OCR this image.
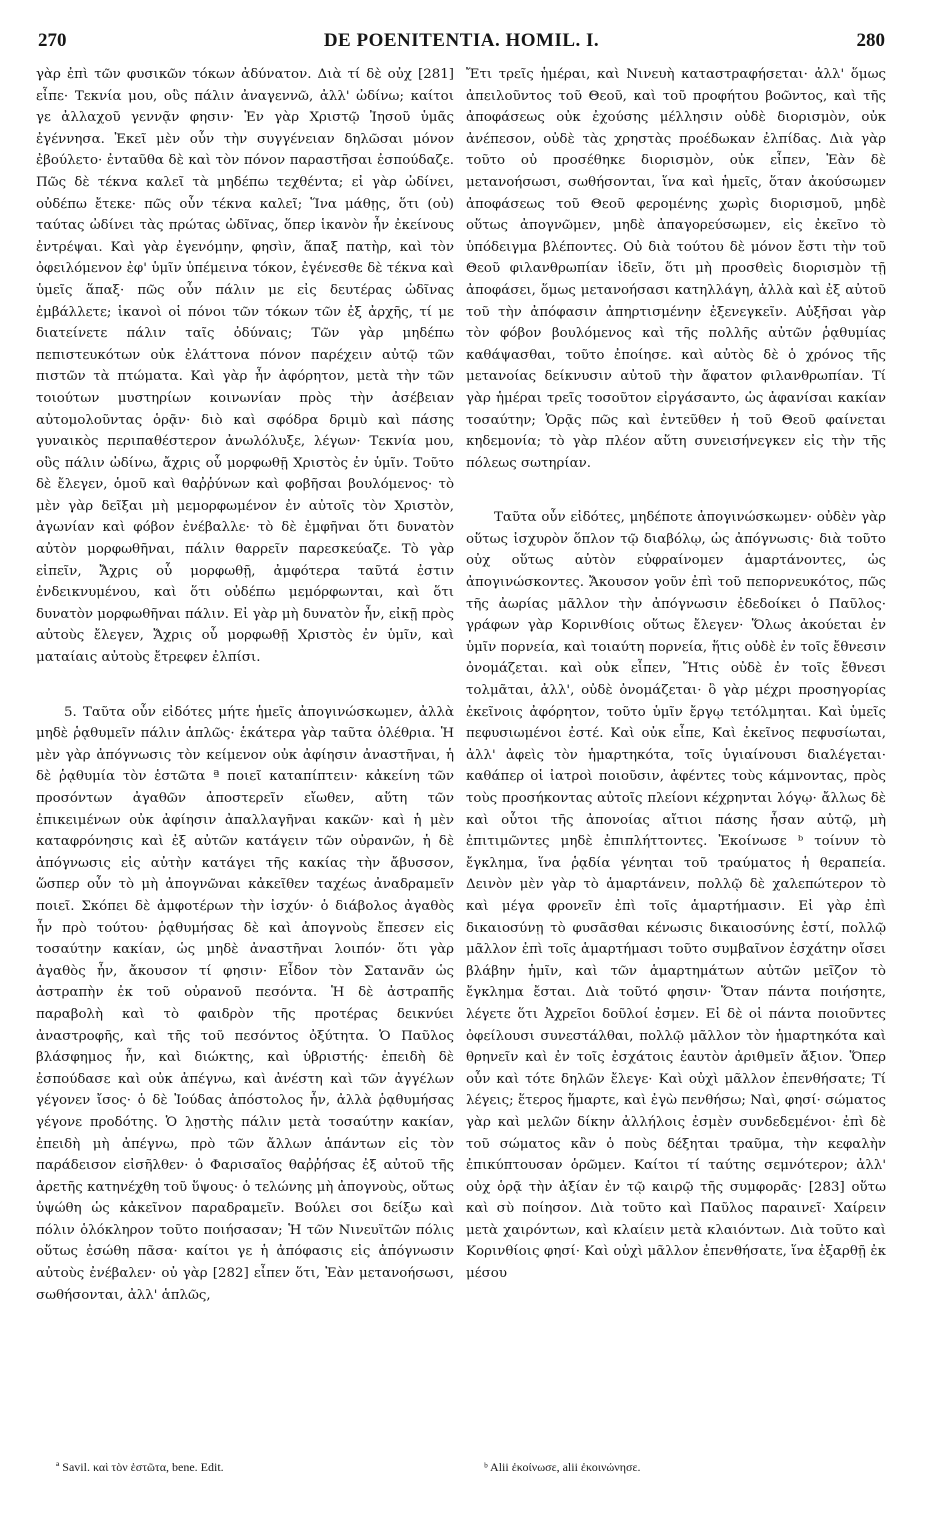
270	DE POENITENTIA. HOMIL. I.	280

γὰρ ἐπὶ τῶν φυσικῶν τόκων ἀδύνατον. Διὰ τί δὲ οὐχ [281] εἶπε· Τεκνία μου, οὓς πάλιν ἀναγεννῶ, ἀλλ' ὠδίνω; καίτοι γε ἀλλαχοῦ γεννᾷν φησιν· Ἐν γὰρ Χριστῷ Ἰησοῦ ὑμᾶς ἐγέννησα. Ἐκεῖ μὲν οὖν τὴν συγγένειαν δηλῶσαι μόνον ἐβούλετο· ἐνταῦθα δὲ καὶ τὸν πόνον παραστῆσαι ἐσπούδαζε. Πῶς δὲ τέκνα καλεῖ τὰ μηδέπω τεχθέντα; εἰ γὰρ ὠδίνει, οὐδέπω ἔτεκε· πῶς οὖν τέκνα καλεῖ; Ἵνα μάθῃς, ὅτι (οὐ) ταύτας ὠδίνει τὰς πρώτας ὠδῖνας, ὅπερ ἱκανὸν ἦν ἐκείνους ἐντρέψαι. Καὶ γὰρ ἐγενόμην, φησὶν, ἅπαξ πατὴρ, καὶ τὸν ὀφειλόμενον ἐφ' ὑμῖν ὑπέμεινα τόκον, ἐγένεσθε δὲ τέκνα καὶ ὑμεῖς ἅπαξ· πῶς οὖν πάλιν με εἰς δευτέρας ὠδῖνας ἐμβάλλετε; ἱκανοὶ οἱ πόνοι τῶν τόκων τῶν ἐξ ἀρχῆς, τί με διατείνετε πάλιν ταῖς ὀδύναις; Τῶν γὰρ μηδέπω πεπιστευκότων οὐκ ἐλάττονα πόνον παρέχειν αὐτῷ τῶν πιστῶν τὰ πτώματα. Καὶ γὰρ ἦν ἀφόρητον, μετὰ τὴν τῶν τοιούτων μυστηρίων κοινωνίαν πρὸς τὴν ἀσέβειαν αὐτομολοῦντας ὁρᾷν· διὸ καὶ σφόδρα δριμὺ καὶ πάσης γυναικὸς περιπαθέστερον ἀνωλόλυξε, λέγων· Τεκνία μου, οὓς πάλιν ὠδίνω, ἄχρις οὗ μορφωθῇ Χριστὸς ἐν ὑμῖν. Τοῦτο δὲ ἔλεγεν, ὁμοῦ καὶ θαῤῥύνων καὶ φοβῆσαι βουλόμενος· τὸ μὲν γὰρ δεῖξαι μὴ μεμορφωμένον ἐν αὐτοῖς τὸν Χριστὸν, ἀγωνίαν καὶ φόβον ἐνέβαλλε· τὸ δὲ ἐμφῆναι ὅτι δυνατὸν αὐτὸν μορφωθῆναι, πάλιν θαρρεῖν παρεσκεύαζε. Τὸ γὰρ εἰπεῖν, Ἄχρις οὗ μορφωθῇ, ἀμφότερα ταῦτά ἐστιν ἐνδεικνυμένου, καὶ ὅτι οὐδέπω μεμόρφωνται, καὶ ὅτι δυνατὸν μορφωθῆναι πάλιν. Εἰ γὰρ μὴ δυνατὸν ἦν, εἰκῇ πρὸς αὐτοὺς ἔλεγεν, Ἄχρις οὗ μορφωθῇ Χριστὸς ἐν ὑμῖν, καὶ ματαίαις αὐτοὺς ἔτρεφεν ἐλπίσι.

5. Ταῦτα οὖν εἰδότες μήτε ἡμεῖς ἀπογινώσκωμεν, ἀλλὰ μηδὲ ῥᾳθυμεῖν πάλιν ἁπλῶς· ἑκάτερα γὰρ ταῦτα ὀλέθρια. Ἡ μὲν γὰρ ἀπόγνωσις τὸν κείμενον οὐκ ἀφίησιν ἀναστῆναι, ἡ δὲ ῥᾳθυμία τὸν ἑστῶτα ª ποιεῖ καταπίπτειν· κἀκείνη τῶν προσόντων ἀγαθῶν ἀποστερεῖν εἴωθεν, αὕτη τῶν ἐπικειμένων οὐκ ἀφίησιν ἀπαλλαγῆναι κακῶν· καὶ ἡ μὲν καταφρόνησις καὶ ἐξ αὐτῶν κατάγειν τῶν οὐρανῶν, ἡ δὲ ἀπόγνωσις εἰς αὐτὴν κατάγει τῆς κακίας τὴν ἄβυσσον, ὥσπερ οὖν τὸ μὴ ἀπογνῶναι κἀκεῖθεν ταχέως ἀναδραμεῖν ποιεῖ. Σκόπει δὲ ἀμφοτέρων τὴν ἰσχύν· ὁ διάβολος ἀγαθὸς ἦν πρὸ τούτου· ῥᾳθυμήσας δὲ καὶ ἀπογνοὺς ἔπεσεν εἰς τοσαύτην κακίαν, ὡς μηδὲ ἀναστῆναι λοιπόν· ὅτι γὰρ ἀγαθὸς ἦν, ἄκουσον τί φησιν· Εἶδον τὸν Σατανᾶν ὡς ἀστραπὴν ἐκ τοῦ οὐρανοῦ πεσόντα. Ἡ δὲ ἀστραπῆς παραβολὴ καὶ τὸ φαιδρὸν τῆς προτέρας δεικνύει ἀναστροφῆς, καὶ τῆς τοῦ πεσόντος ὀξύτητα. Ὁ Παῦλος βλάσφημος ἦν, καὶ διώκτης, καὶ ὑβριστής· ἐπειδὴ δὲ ἐσπούδασε καὶ οὐκ ἀπέγνω, καὶ ἀνέστη καὶ τῶν ἀγγέλων γέγονεν ἴσος· ὁ δὲ Ἰούδας ἀπόστολος ἦν, ἀλλὰ ῥᾳθυμήσας γέγονε προδότης. Ὁ λῃστὴς πάλιν μετὰ τοσαύτην κακίαν, ἐπειδὴ μὴ ἀπέγνω, πρὸ τῶν ἄλλων ἁπάντων εἰς τὸν παράδεισον εἰσῆλθεν· ὁ Φαρισαῖος θαῤῥήσας ἐξ αὐτοῦ τῆς ἀρετῆς κατηνέχθη τοῦ ὕψους· ὁ τελώνης μὴ ἀπογνοὺς, οὕτως ὑψώθη ὡς κἀκεῖνον παραδραμεῖν. Βούλει σοι δείξω καὶ πόλιν ὁλόκληρον τοῦτο ποιήσασαν; Ἡ τῶν Νινευϊτῶν πόλις οὕτως ἐσώθη πᾶσα· καίτοι γε ἡ ἀπόφασις εἰς ἀπόγνωσιν αὐτοὺς ἐνέβαλεν· οὐ γὰρ [282] εἶπεν ὅτι, Ἐὰν μετανοήσωσι, σωθήσονται, ἀλλ' ἁπλῶς,

Ἔτι τρεῖς ἡμέραι, καὶ Νινευὴ καταστραφήσεται· ἀλλ' ὅμως ἀπειλοῦντος τοῦ Θεοῦ, καὶ τοῦ προφήτου βοῶντος, καὶ τῆς ἀποφάσεως οὐκ ἐχούσης μέλλησιν οὐδὲ διορισμὸν, οὐκ ἀνέπεσον, οὐδὲ τὰς χρηστὰς προέδωκαν ἐλπίδας. Διὰ γὰρ τοῦτο οὐ προσέθηκε διορισμὸν, οὐκ εἶπεν, Ἐὰν δὲ μετανοήσωσι, σωθήσονται, ἵνα καὶ ἡμεῖς, ὅταν ἀκούσωμεν ἀποφάσεως τοῦ Θεοῦ φερομένης χωρὶς διορισμοῦ, μηδὲ οὕτως ἀπογνῶμεν, μηδὲ ἀπαγορεύσωμεν, εἰς ἐκεῖνο τὸ ὑπόδειγμα βλέποντες. Οὐ διὰ τούτου δὲ μόνον ἔστι τὴν τοῦ Θεοῦ φιλανθρωπίαν ἰδεῖν, ὅτι μὴ προσθεὶς διορισμὸν τῇ ἀποφάσει, ὅμως μετανοήσασι κατηλλάγη, ἀλλὰ καὶ ἐξ αὐτοῦ τοῦ τὴν ἀπόφασιν ἀπηρτισμένην ἐξενεγκεῖν. Αὐξῆσαι γὰρ τὸν φόβον βουλόμενος καὶ τῆς πολλῆς αὐτῶν ῥᾳθυμίας καθάψασθαι, τοῦτο ἐποίησε. καὶ αὐτὸς δὲ ὁ χρόνος τῆς μετανοίας δείκνυσιν αὐτοῦ τὴν ἄφατον φιλανθρωπίαν. Τί γὰρ ἡμέραι τρεῖς τοσοῦτον εἰργάσαντο, ὡς ἀφανίσαι κακίαν τοσαύτην; Ὁρᾷς πῶς καὶ ἐντεῦθεν ἡ τοῦ Θεοῦ φαίνεται κηδεμονία; τὸ γὰρ πλέον αὕτη συνεισήνεγκεν εἰς τὴν τῆς πόλεως σωτηρίαν.

Ταῦτα οὖν εἰδότες, μηδέποτε ἀπογινώσκωμεν· οὐδὲν γὰρ οὕτως ἰσχυρὸν ὅπλον τῷ διαβόλῳ, ὡς ἀπόγνωσις· διὰ τοῦτο οὐχ οὕτως αὐτὸν εὐφραίνομεν ἁμαρτάνοντες, ὡς ἀπογινώσκοντες. Ἄκουσον γοῦν ἐπὶ τοῦ πεπορνευκότος, πῶς τῆς ἀωρίας μᾶλλον τὴν ἀπόγνωσιν ἐδεδοίκει ὁ Παῦλος· γράφων γὰρ Κορινθίοις οὕτως ἔλεγεν· Ὅλως ἀκούεται ἐν ὑμῖν πορνεία, καὶ τοιαύτη πορνεία, ἥτις οὐδὲ ἐν τοῖς ἔθνεσιν ὀνομάζεται. καὶ οὐκ εἶπεν, Ἥτις οὐδὲ ἐν τοῖς ἔθνεσι τολμᾶται, ἀλλ', οὐδὲ ὀνομάζεται· ὃ γὰρ μέχρι προσηγορίας ἐκεῖνοις ἀφόρητον, τοῦτο ὑμῖν ἔργῳ τετόλμηται. Καὶ ὑμεῖς πεφυσιωμένοι ἐστέ. Καὶ οὐκ εἶπε, Καὶ ἐκεῖνος πεφυσίωται, ἀλλ' ἀφεὶς τὸν ἡμαρτηκότα, τοῖς ὑγιαίνουσι διαλέγεται· καθάπερ οἱ ἰατροὶ ποιοῦσιν, ἀφέντες τοὺς κάμνοντας, πρὸς τοὺς προσήκοντας αὐτοῖς πλείονι κέχρηνται λόγῳ· ἄλλως δὲ καὶ οὗτοι τῆς ἀπονοίας αἴτιοι πάσης ἦσαν αὐτῷ, μὴ ἐπιτιμῶντες μηδὲ ἐπιπλήττοντες. Ἐκοίνωσε ᵇ τοίνυν τὸ ἔγκλημα, ἵνα ῥᾳδία γένηται τοῦ τραύματος ἡ θεραπεία. Δεινὸν μὲν γὰρ τὸ ἁμαρτάνειν, πολλῷ δὲ χαλεπώτερον τὸ καὶ μέγα φρονεῖν ἐπὶ τοῖς ἁμαρτήμασιν. Εἰ γὰρ ἐπὶ δικαιοσύνῃ τὸ φυσᾶσθαι κένωσις δικαιοσύνης ἐστί, πολλῷ μᾶλλον ἐπὶ τοῖς ἁμαρτήμασι τοῦτο συμβαῖνον ἐσχάτην οἴσει βλάβην ἡμῖν, καὶ τῶν ἁμαρτημάτων αὐτῶν μεῖζον τὸ ἔγκλημα ἔσται. Διὰ τοῦτό φησιν· Ὅταν πάντα ποιήσητε, λέγετε ὅτι Ἀχρεῖοι δοῦλοί ἐσμεν. Εἰ δὲ οἱ πάντα ποιοῦντες ὀφείλουσι συνεστάλθαι, πολλῷ μᾶλλον τὸν ἡμαρτηκότα καὶ θρηνεῖν καὶ ἐν τοῖς ἐσχάτοις ἑαυτὸν ἀριθμεῖν ἄξιον. Ὅπερ οὖν καὶ τότε δηλῶν ἔλεγε· Καὶ οὐχὶ μᾶλλον ἐπενθήσατε; Τί λέγεις; ἕτερος ἥμαρτε, καὶ ἐγὼ πενθήσω; Ναὶ, φησί· σώματος γὰρ καὶ μελῶν δίκην ἀλλήλοις ἐσμὲν συνδεδεμένοι· ἐπὶ δὲ τοῦ σώματος κἂν ὁ ποὺς δέξηται τραῦμα, τὴν κεφαλὴν ἐπικύπτουσαν ὁρῶμεν. Καίτοι τί ταύτης σεμνότερον; ἀλλ' οὐχ ὁρᾷ τὴν ἀξίαν ἐν τῷ καιρῷ τῆς συμφορᾶς· [283] οὕτω καὶ σὺ ποίησον. Διὰ τοῦτο καὶ Παῦλος παραινεῖ· Χαίρειν μετὰ χαιρόντων, καὶ κλαίειν μετὰ κλαιόντων. Διὰ τοῦτο καὶ Κορινθίοις φησί· Καὶ οὐχὶ μᾶλλον ἐπενθήσατε, ἵνα ἐξαρθῇ ἐκ μέσου

ª Savil. καὶ τὸν ἑστῶτα, bene. Edit.	ᵇ Alii ἐκοίνωσε, alii ἐκοινώνησε.
